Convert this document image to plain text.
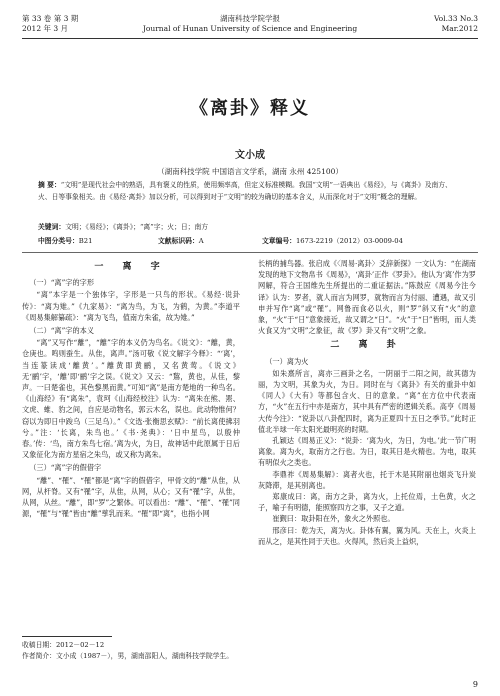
第 33 卷 第 3 期
2012 年 3 月
湖南科技学院学报
Journal of Hunan University of Science and Engineering
Vol.33 No.3
Mar.2012
《离卦》释义
文小成
（湖南科技学院 中国语言文学系，湖南 永州 425100）
摘 要：“文明”是现代社会中的熟语，具有褒义的性质，使用频率高，但定义标准模糊。我国“文明”一语典出《易经》，与《离卦》及南方、火、日等事象相关。由《易经·离卦》加以分析，可以得到对于“文明”的较为确切的基本含义，从而深化对于“文明”概念的理解。
关键词：文明；《易经》；《离卦》；“离”字；火；日；南方
中图分类号：B21	文献标识码：A	文章编号：1673-2219（2012）03-0009-04
一 离 字
（一）“离”字的字形

“离”本字是一个独体字，字形是一只鸟的形状。《易经·说卦传》：“离为雉。”《九家易》：“离为鸟，为飞，为鹤，为黄。”李道平《周易集解纂疏》：“离为飞鸟，值南方朱雀，故为雉。”

（二）“离”字的本义

“离”又写作“離”，“離”字的本义仍为鸟名。《说文》：“離，黄，仓庚也。鸣则蚕生。从隹，离声。”汤可敬《说文解字今释》：“‘离’，当连篆读成‘離黄’。”離黄即黄鹂，又名黄莺。《说文》无‘鹂’字，‘離’即‘鹂’字之误。《说文》又云：“鵹，黄也，从佳，黎声。一曰楚雀也，其色黎黑而黄。”可知“离”是南方楚地的一种鸟名。《山海经》有“离朱”，袁珂《山海经校注》认为：“离朱在熊、罴、文虎、蜼、豹之间，自应是动物名，郭云木名，误也。此动物惟何？窃以为即日中踆乌（三足乌）。”《文选·张衡思玄赋》：“前长离使拂羽兮。”注：‘长离，朱鸟也。’《书·尧典》：‘日中星鸟，以殷仲春。’传：‘鸟，南方朱鸟七宿。’离为火，为日，故神话中此原属于日后又象征化为南方星宿之朱鸟，或又称为离朱。

（三）“离”字的假借字

“離”、“罹”、“罹”都是“离”字的假借字，甲骨文的“離”从隹，从网，从杆脊。又有“罹”字，从隹，从网，从心；又有“罹”字，从隹，从网，从丝。“離”，即“罗”之繁体。可以看出：“離”、“罹”、“罹”同源，“罹”与“罹”皆由“離”孳乳而来。“罹”即“离”，也指小网

长柄的捕鸟器。张启成《〈周易·离卦〉爻辞新探》一文认为：“在湖南发现的地下文物帛书《周易》，‘离卦’正作《罗卦》。他认为‘离’作为罗网解，符合王国维先生所提出的二重证据法。”陈鼓应《周易今注今译》认为：罗者，就人而言为网罗，就物而言为付丽、遭遇，故又引申并写作“离”或“罹”。网鲁而食必以火，则“罗”斜又有“火”的意象，“火”于“日”意象接近，故又谓之“日”。“火”于“日”皆明，而人类火食又为“文明”之象征，故《罗》卦又有“文明”之象。

二 离 卦
（一）离为火

如朱熹所言，离亦三画卦之名，一阴丽于二阳之间，故其德为丽，为文明，其象为火，为日。同时在与《离卦》有关的重卦中如《同人》《大有》等都包含火、日的意象。“离”在方位中代表南方，“火”在五行中亦是南方，其中具有严密的逻辑关系。高亨《周易大传今注》：“说卦以八卦配四时，离为正夏四十五日之季节。”此时正值北半球一年太阳光最明亮的时期。

孔颖达《周易正义》：“说卦：‘离为火，为日，为电。’此一节广明离象。离为火，取南方之行也。为日，取其日是火精也。为电，取其有明似火之类也。

李鼎祚《周易集解》：离者火也，托于木是其附丽也烟炎飞升炭灰降滞，是其别离也。

郑康成曰：离，南方之卦，离为火，上托位焉，土色黄，火之子，喻子有明德，能照察四方之事，又子之道。

崔觐曰：取卦阳在外，象火之外照也。

邢彦曰：乾为天，离为火。卦体有翼，翼为风。天在上，火炎上而从之，是其性同于天也。火得风，然后炎上益炽，

收稿日期：2012－02－12

作者简介：文小成（1987－），男，湖南邵阳人，湖南科技学院学生。

9
